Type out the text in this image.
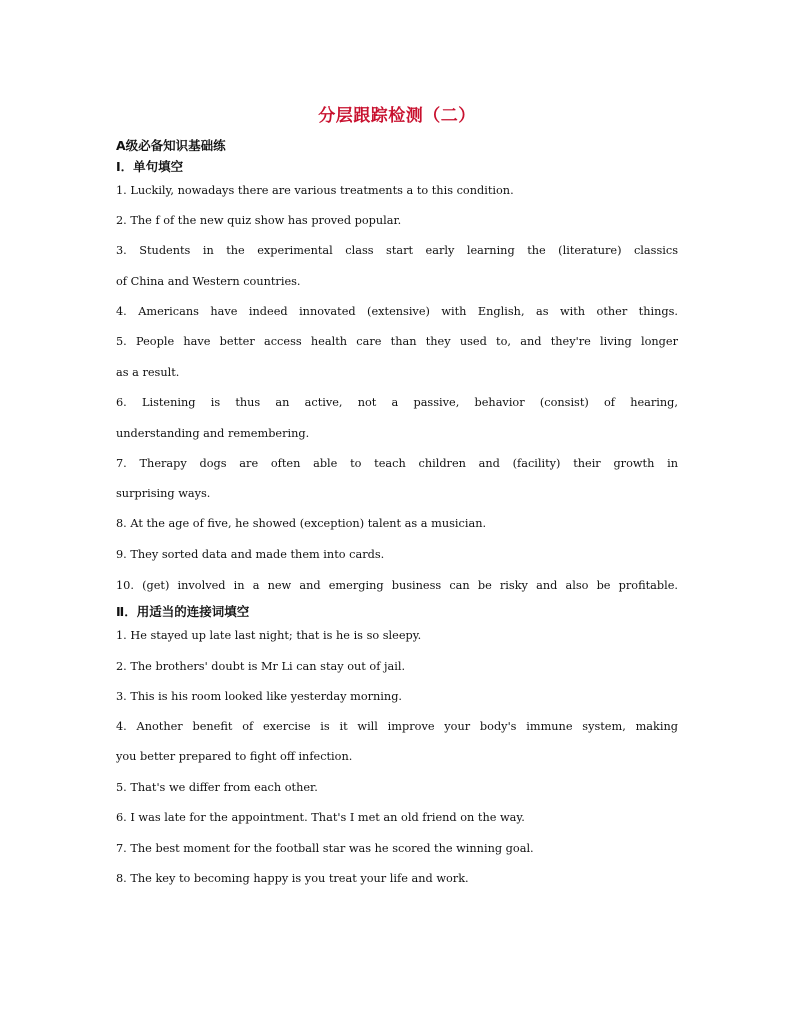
分层跟踪检测（二）
A级必备知识基础练
Ⅰ．单句填空
1. Luckily, nowadays there are various treatments a to this condition.
2. The f of the new quiz show has proved popular.
3. Students in the experimental class start early learning the (literature) classics
of China and Western countries.
4. Americans have indeed innovated (extensive) with English, as with other things.
5. People have better access health care than they used to, and they're living longer
as a result.
6. Listening is thus an active, not a passive, behavior (consist) of hearing,
understanding and remembering.
7. Therapy dogs are often able to teach children and (facility) their growth in
surprising ways.
8. At the age of five, he showed (exception) talent as a musician.
9. They sorted data and made them into cards.
10. (get) involved in a new and emerging business can be risky and also be profitable.
Ⅱ．用适当的连接词填空
1. He stayed up late last night; that is he is so sleepy.
2. The brothers' doubt is Mr Li can stay out of jail.
3. This is his room looked like yesterday morning.
4. Another benefit of exercise is it will improve your body's immune system, making
you better prepared to fight off infection.
5. That's we differ from each other.
6. I was late for the appointment. That's I met an old friend on the way.
7. The best moment for the football star was he scored the winning goal.
8. The key to becoming happy is you treat your life and work.
